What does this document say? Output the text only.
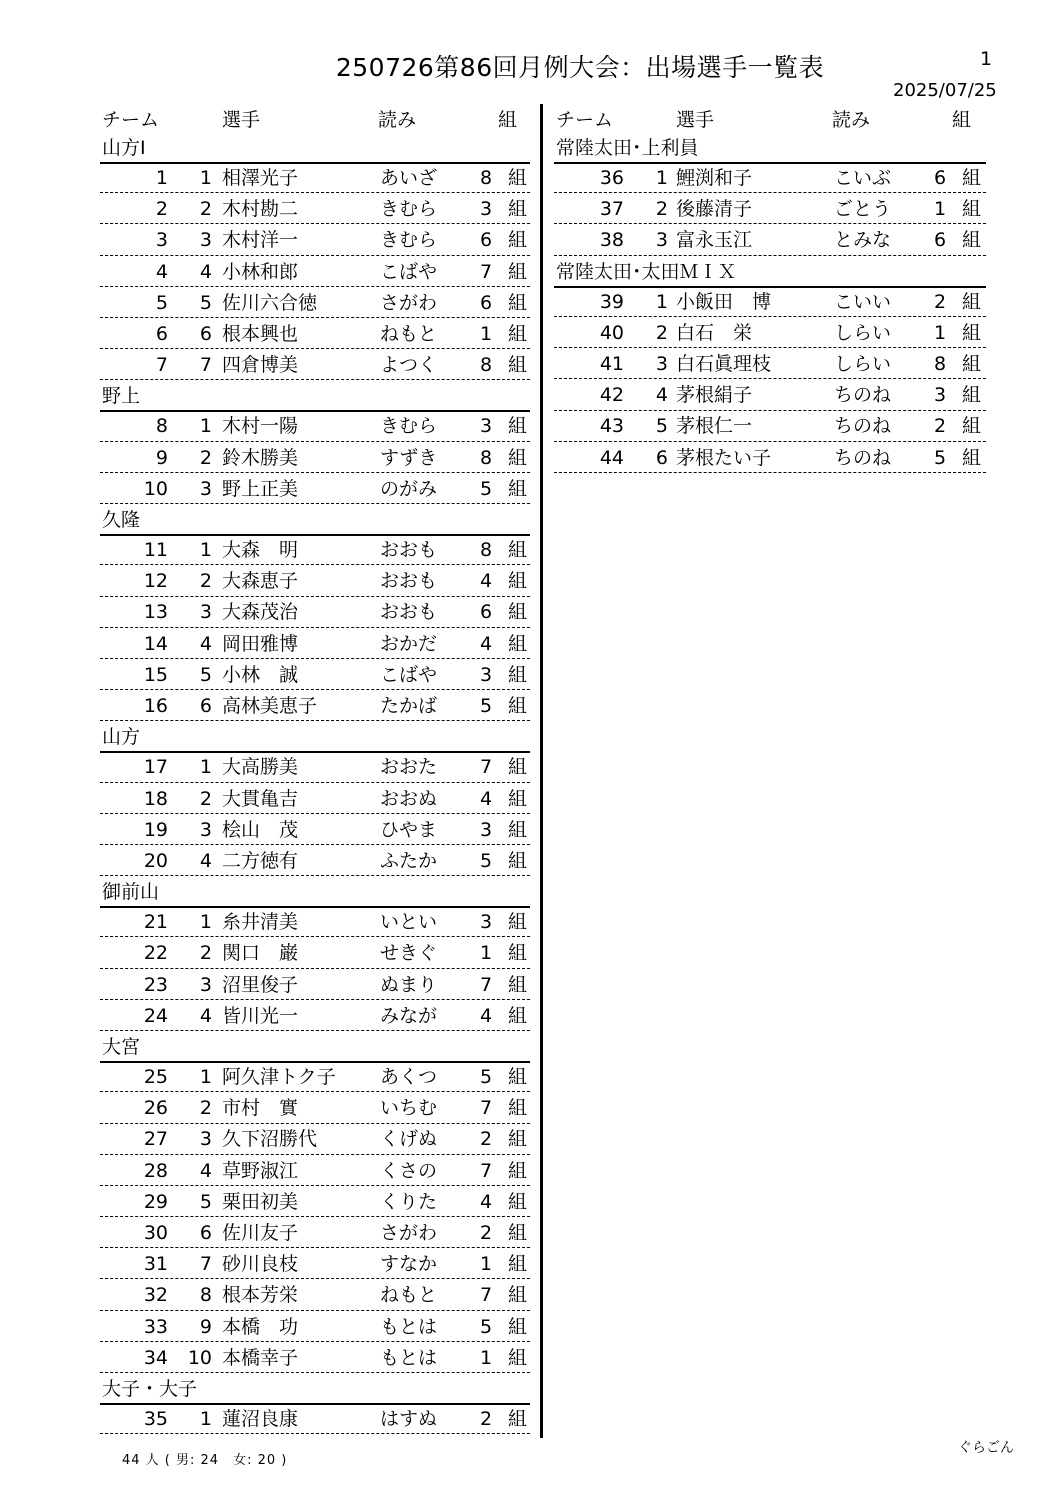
250726第86回月例大会：出場選手一覧表	1
2025/07/25
チーム	選手	読み	組
山方Ⅰ
1 1 相澤光子	あいざ 8 組
2 2 木村勘二	きむら 3 組
3 3 木村洋一	きむら 6 組
4 4 小林和郎	こばや 7 組
5 5 佐川六合徳	さがわ 6 組
6 6 根本興也	ねもと 1 組
7 7 四倉博美	よつく 8 組
野上
8 1 木村一陽	きむら 3 組
9 2 鈴木勝美	すずき 8 組
10 3 野上正美	のがみ 5 組
久隆
11 1 大森　明	おおも 8 組
12 2 大森恵子	おおも 4 組
13 3 大森茂治	おおも 6 組
14 4 岡田雅博	おかだ 4 組
15 5 小林　誠	こばや 3 組
16 6 高林美恵子	たかば 5 組
山方
17 1 大高勝美	おおた 7 組
18 2 大貫亀吉	おおぬ 4 組
19 3 桧山　茂	ひやま 3 組
20 4 二方徳有	ふたか 5 組
御前山
21 1 糸井清美	いとい 3 組
22 2 関口　巌	せきぐ 1 組
23 3 沼里俊子	ぬまり 7 組
24 4 皆川光一	みなが 4 組
大宮
25 1 阿久津トク子 あくつ 5 組
26 2 市村　實	いちむ 7 組
27 3 久下沼勝代	くげぬ 2 組
28 4 草野淑江	くさの 7 組
29 5 栗田初美	くりた 4 組
30 6 佐川友子	さがわ 2 組
31 7 砂川良枝	すなか 1 組
32 8 根本芳栄	ねもと 7 組
33 9 本橋　功	もとは 5 組
34 10 本橋幸子	もとは 1 組
大子・大子
35 1 蓮沼良康	はすぬ 2 組
チーム	選手	読み	組
常陸太田･上利員
36 1 鯉渕和子	こいぶ 6 組
37 2 後藤清子	ごとう 1 組
38 3 富永玉江	とみな 6 組
常陸太田･太田ＭＩＸ
39 1 小飯田　博	こいい 2 組
40 2 白石　栄	しらい 1 組
41 3 白石眞理枝	しらい 8 組
42 4 茅根絹子	ちのね 3 組
43 5 茅根仁一	ちのね 2 組
44 6 茅根たい子	ちのね 5 組
44 人 ( 男: 24　女: 20 )
ぐらごん
